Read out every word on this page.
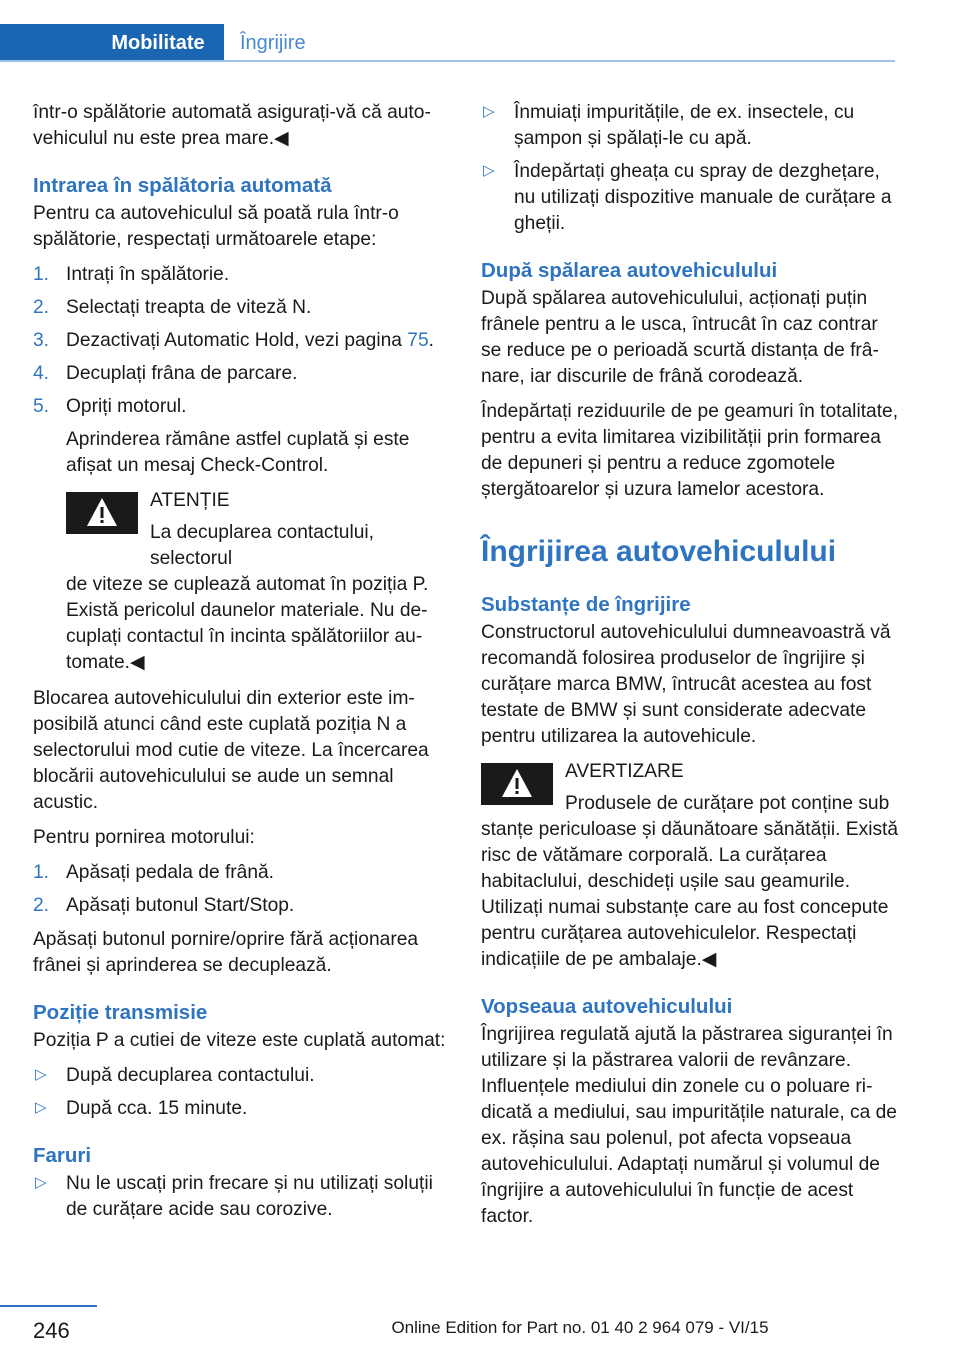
Mobilitate Îngrijire

într-o spălătorie automată asigurați-vă că autovehiculul nu este prea mare.◀

Intrarea în spălătoria automată

Pentru ca autovehiculul să poată rula într-o spălătorie, respectați următoarele etape:

1. Intrați în spălătorie.
2. Selectați treapta de viteză N.
3. Dezactivați Automatic Hold, vezi pagina 75.
4. Decuplați frâna de parcare.
5. Opriți motorul.
Aprinderea rămâne astfel cuplată și este afișat un mesaj Check-Control.
ATENȚIE
La decuplarea contactului, selectorul
de viteze se cuplează automat în poziția P. Există pericolul daunelor materiale. Nu decuplați contactul în incinta spălătoriilor automate.◀

Blocarea autovehiculului din exterior este imposibilă atunci când este cuplată poziția N a selectorului mod cutie de viteze. La încercarea blocării autovehiculului se aude un semnal acustic.

Pentru pornirea motorului:

1. Apăsați pedala de frână.
2. Apăsați butonul Start/Stop.

Apăsați butonul pornire/oprire fără acționarea frânei și aprinderea se decuplează.

Poziție transmisie

Poziția P a cutiei de viteze este cuplată automat:

▷ După decuplarea contactului.
▷ După cca. 15 minute.
Faruri
▷ Nu le uscați prin frecare și nu utilizați soluții de curățare acide sau corozive.
▷ Înmuiați impuritățile, de ex. insectele, cu șampon și spălați-le cu apă.
▷ Îndepărtați gheața cu spray de dezghețare, nu utilizați dispozitive manuale de curățare a gheții.
După spălarea autovehiculului

După spălarea autovehiculului, acționați puțin frânele pentru a le usca, întrucât în caz contrar se reduce pe o perioadă scurtă distanța de frânare, iar discurile de frână corodează.

Îndepărtați reziduurile de pe geamuri în totalitate, pentru a evita limitarea vizibilității prin formarea de depuneri și pentru a reduce zgomotele ștergătoarelor și uzura lamelor acestora.

Îngrijirea autovehiculului
Substanțe de îngrijire

Constructorul autovehiculului dumneavoastră vă recomandă folosirea produselor de îngrijire și curățare marca BMW, întrucât acestea au fost testate de BMW și sunt considerate adecvate pentru utilizarea la autovehicule.

AVERTIZARE
Produsele de curățare pot conține sub
stanțe periculoase și dăunătoare sănătății. Există risc de vătămare corporală. La curățarea habitaclului, deschideți ușile sau geamurile. Utilizați numai substanțe care au fost concepute pentru curățarea autovehiculelor. Respectați indicațiile de pe ambalaje.◀
Vopseaua autovehiculului

Îngrijirea regulată ajută la păstrarea siguranței în utilizare și la păstrarea valorii de revânzare. Influențele mediului din zonele cu o poluare ridicată a mediului, sau impuritățile naturale, ca de ex. rășina sau polenul, pot afecta vopseaua autovehiculului. Adaptați numărul și volumul de îngrijire a autovehiculului în funcție de acest factor.

246	Online Edition for Part no. 01 40 2 964 079 - VI/15
